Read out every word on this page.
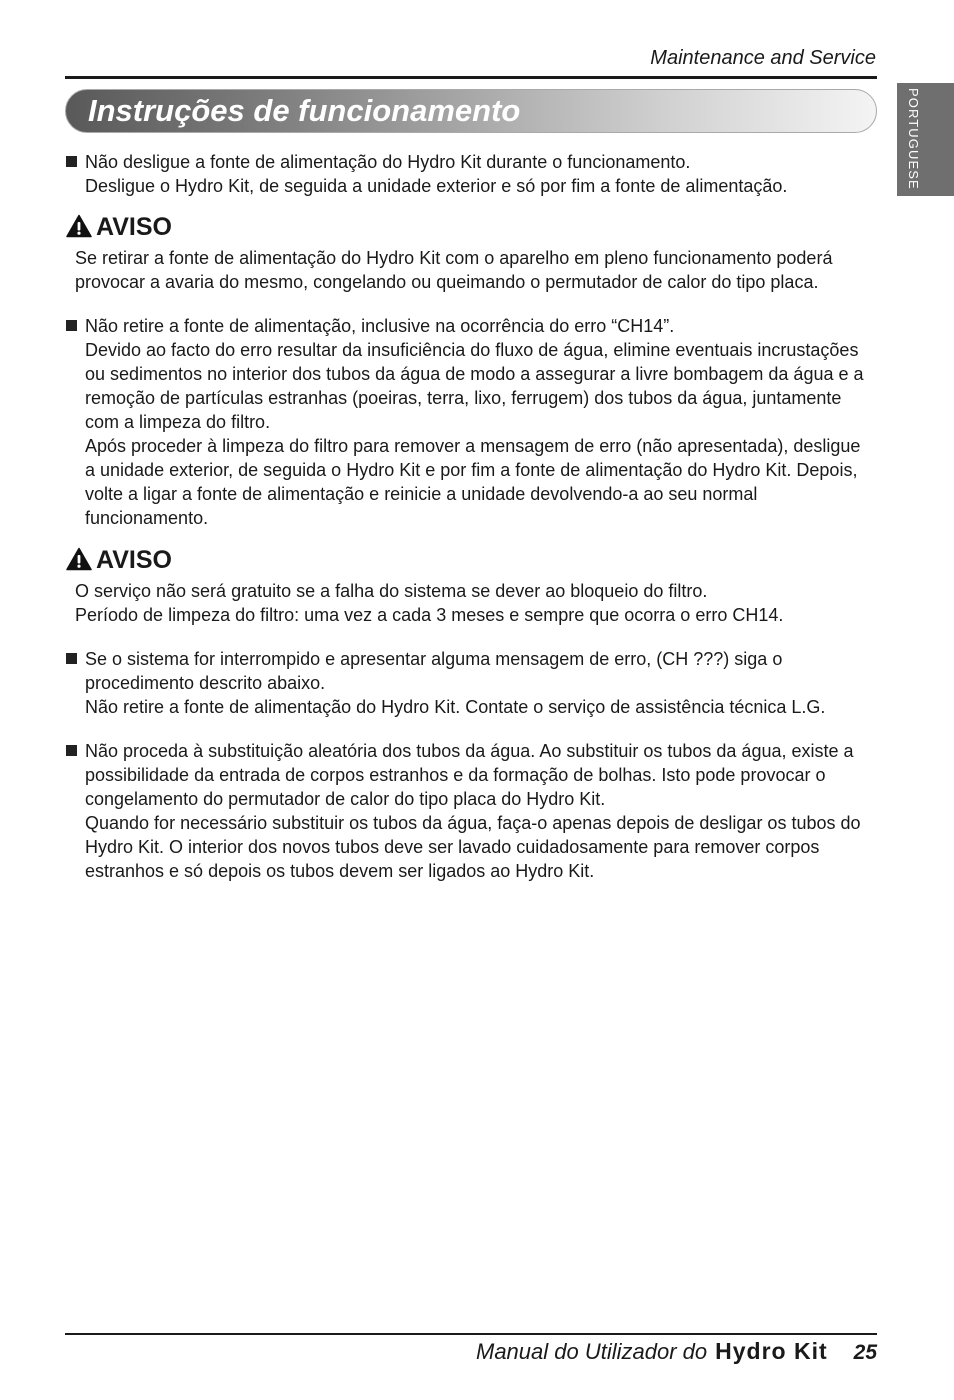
Maintenance and Service
PORTUGUESE
Instruções de funcionamento
Não desligue a fonte de alimentação do Hydro Kit durante o funcionamento.
Desligue o Hydro Kit, de seguida a unidade exterior e só por fim a fonte de alimentação.
AVISO
Se retirar a fonte de alimentação do Hydro Kit com o aparelho em pleno funcionamento poderá
provocar a avaria do mesmo, congelando ou queimando o permutador de calor do tipo placa.
Não retire a fonte de alimentação, inclusive na ocorrência do erro “CH14”.
Devido ao facto do erro resultar da insuficiência do fluxo de água, elimine eventuais incrustações
ou sedimentos no interior dos tubos da água de modo a assegurar a livre bombagem da água e a
remoção de partículas estranhas (poeiras, terra, lixo, ferrugem) dos tubos da água, juntamente
com a limpeza do filtro.
Após proceder à limpeza do filtro para remover a mensagem de erro (não apresentada), desligue
a unidade exterior, de seguida o Hydro Kit e por fim a fonte de alimentação do Hydro Kit. Depois,
volte a ligar a fonte de alimentação e reinicie a unidade devolvendo-a ao seu normal
funcionamento.
AVISO
O serviço não será gratuito se a falha do sistema se dever ao bloqueio do filtro.
Período de limpeza do filtro: uma vez a cada 3 meses e sempre que ocorra o erro CH14.
Se o sistema for interrompido e apresentar alguma mensagem de erro, (CH ???) siga o
procedimento descrito abaixo.
Não retire a fonte de alimentação do Hydro Kit. Contate o serviço de assistência técnica L.G.
Não proceda à substituição aleatória dos tubos da água. Ao substituir os tubos da água, existe a
possibilidade da entrada de corpos estranhos e da formação de bolhas. Isto pode provocar o
congelamento do permutador de calor do tipo placa do Hydro Kit.
Quando for necessário substituir os tubos da água, faça-o apenas depois de desligar os tubos do
Hydro Kit. O interior dos novos tubos deve ser lavado cuidadosamente para remover corpos
estranhos e só depois os tubos devem ser ligados ao Hydro Kit.
Manual do Utilizador do Hydro Kit 25
